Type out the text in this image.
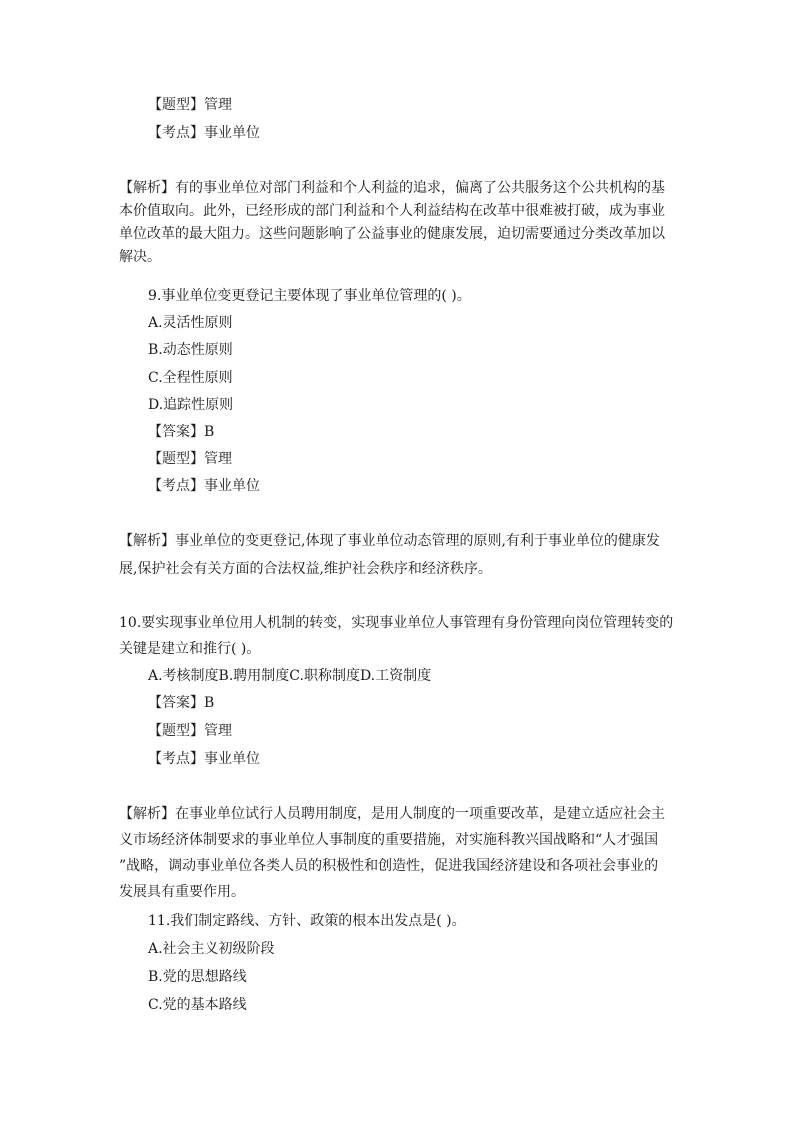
【题型】管理
【考点】事业单位
【解析】有的事业单位对部门利益和个人利益的追求，偏离了公共服务这个公共机构的基
本价值取向。此外，已经形成的部门利益和个人利益结构在改革中很难被打破，成为事业
单位改革的最大阻力。这些问题影响了公益事业的健康发展，迫切需要通过分类改革加以
解决。
9.事业单位变更登记主要体现了事业单位管理的( )。
A.灵活性原则
B.动态性原则
C.全程性原则
D.追踪性原则
【答案】B
【题型】管理
【考点】事业单位
【解析】事业单位的变更登记,体现了事业单位动态管理的原则,有利于事业单位的健康发
展,保护社会有关方面的合法权益,维护社会秩序和经济秩序。
10.要实现事业单位用人机制的转变，实现事业单位人事管理有身份管理向岗位管理转变的
关键是建立和推行( )。
A.考核制度B.聘用制度C.职称制度D.工资制度
【答案】B
【题型】管理
【考点】事业单位
【解析】在事业单位试行人员聘用制度，是用人制度的一项重要改革，是建立适应社会主
义市场经济体制要求的事业单位人事制度的重要措施，对实施科教兴国战略和“人才强国
”战略，调动事业单位各类人员的积极性和创造性，促进我国经济建设和各项社会事业的
发展具有重要作用。
11.我们制定路线、方针、政策的根本出发点是( )。
A.社会主义初级阶段
B.党的思想路线
C.党的基本路线
